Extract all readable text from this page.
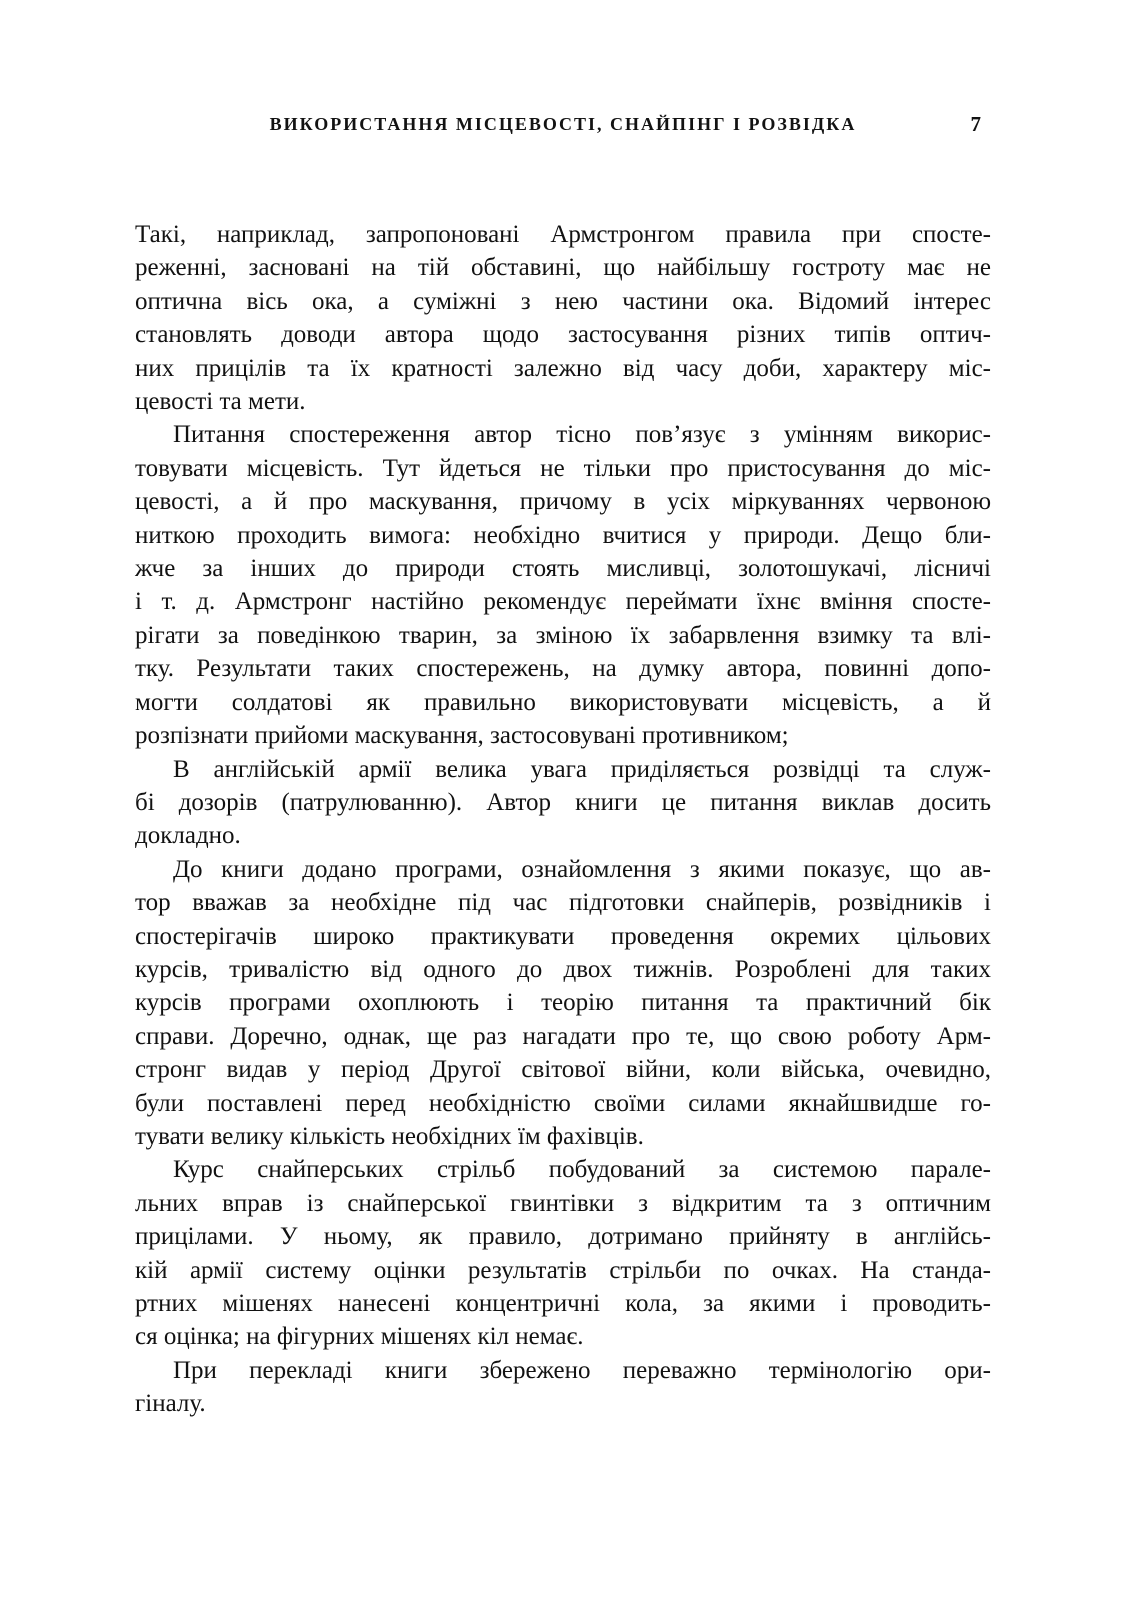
ВИКОРИСТАННЯ МІСЦЕВОСТІ, СНАЙПІНГ І РОЗВІДКА	7
Такі, наприклад, запропоновані Армстронгом правила при спосте-
реженні, засновані на тій обставині, що найбільшу гостроту має не
оптична вісь ока, а суміжні з нею частини ока. Відомий інтерес
становлять доводи автора щодо застосування різних типів оптич-
них прицілів та їх кратності залежно від часу доби, характеру міс-
цевості та мети.
Питання спостереження автор тісно пов’язує з умінням викорис-
товувати місцевість. Тут йдеться не тільки про пристосування до міс-
цевості, а й про маскування, причому в усіх міркуваннях червоною
ниткою проходить вимога: необхідно вчитися у природи. Дещо бли-
жче за інших до природи стоять мисливці, золотошукачі, лісничі
і т. д. Армстронг настійно рекомендує переймати їхнє вміння спосте-
рігати за поведінкою тварин, за зміною їх забарвлення взимку та влі-
тку. Результати таких спостережень, на думку автора, повинні допо-
могти солдатові як правильно використовувати місцевість, а й
розпізнати прийоми маскування, застосовувані противником;
В англійській армії велика увага приділяється розвідці та служ-
бі дозорів (патрулюванню). Автор книги це питання виклав досить
докладно.
До книги додано програми, ознайомлення з якими показує, що ав-
тор вважав за необхідне під час підготовки снайперів, розвідників і
спостерігачів широко практикувати проведення окремих цільових
курсів, тривалістю від одного до двох тижнів. Розроблені для таких
курсів програми охоплюють і теорію питання та практичний бік
справи. Доречно, однак, ще раз нагадати про те, що свою роботу Арм-
стронг видав у період Другої світової війни, коли війська, очевидно,
були поставлені перед необхідністю своїми силами якнайшвидше го-
тувати велику кількість необхідних їм фахівців.
Курс снайперських стрільб побудований за системою парале-
льних вправ із снайперської гвинтівки з відкритим та з оптичним
прицілами. У ньому, як правило, дотримано прийняту в англійсь-
кій армії систему оцінки результатів стрільби по очках. На станда-
ртних мішенях нанесені концентричні кола, за якими і проводить-
ся оцінка; на фігурних мішенях кіл немає.
При перекладі книги збережено переважно термінологію ори-
гіналу.
